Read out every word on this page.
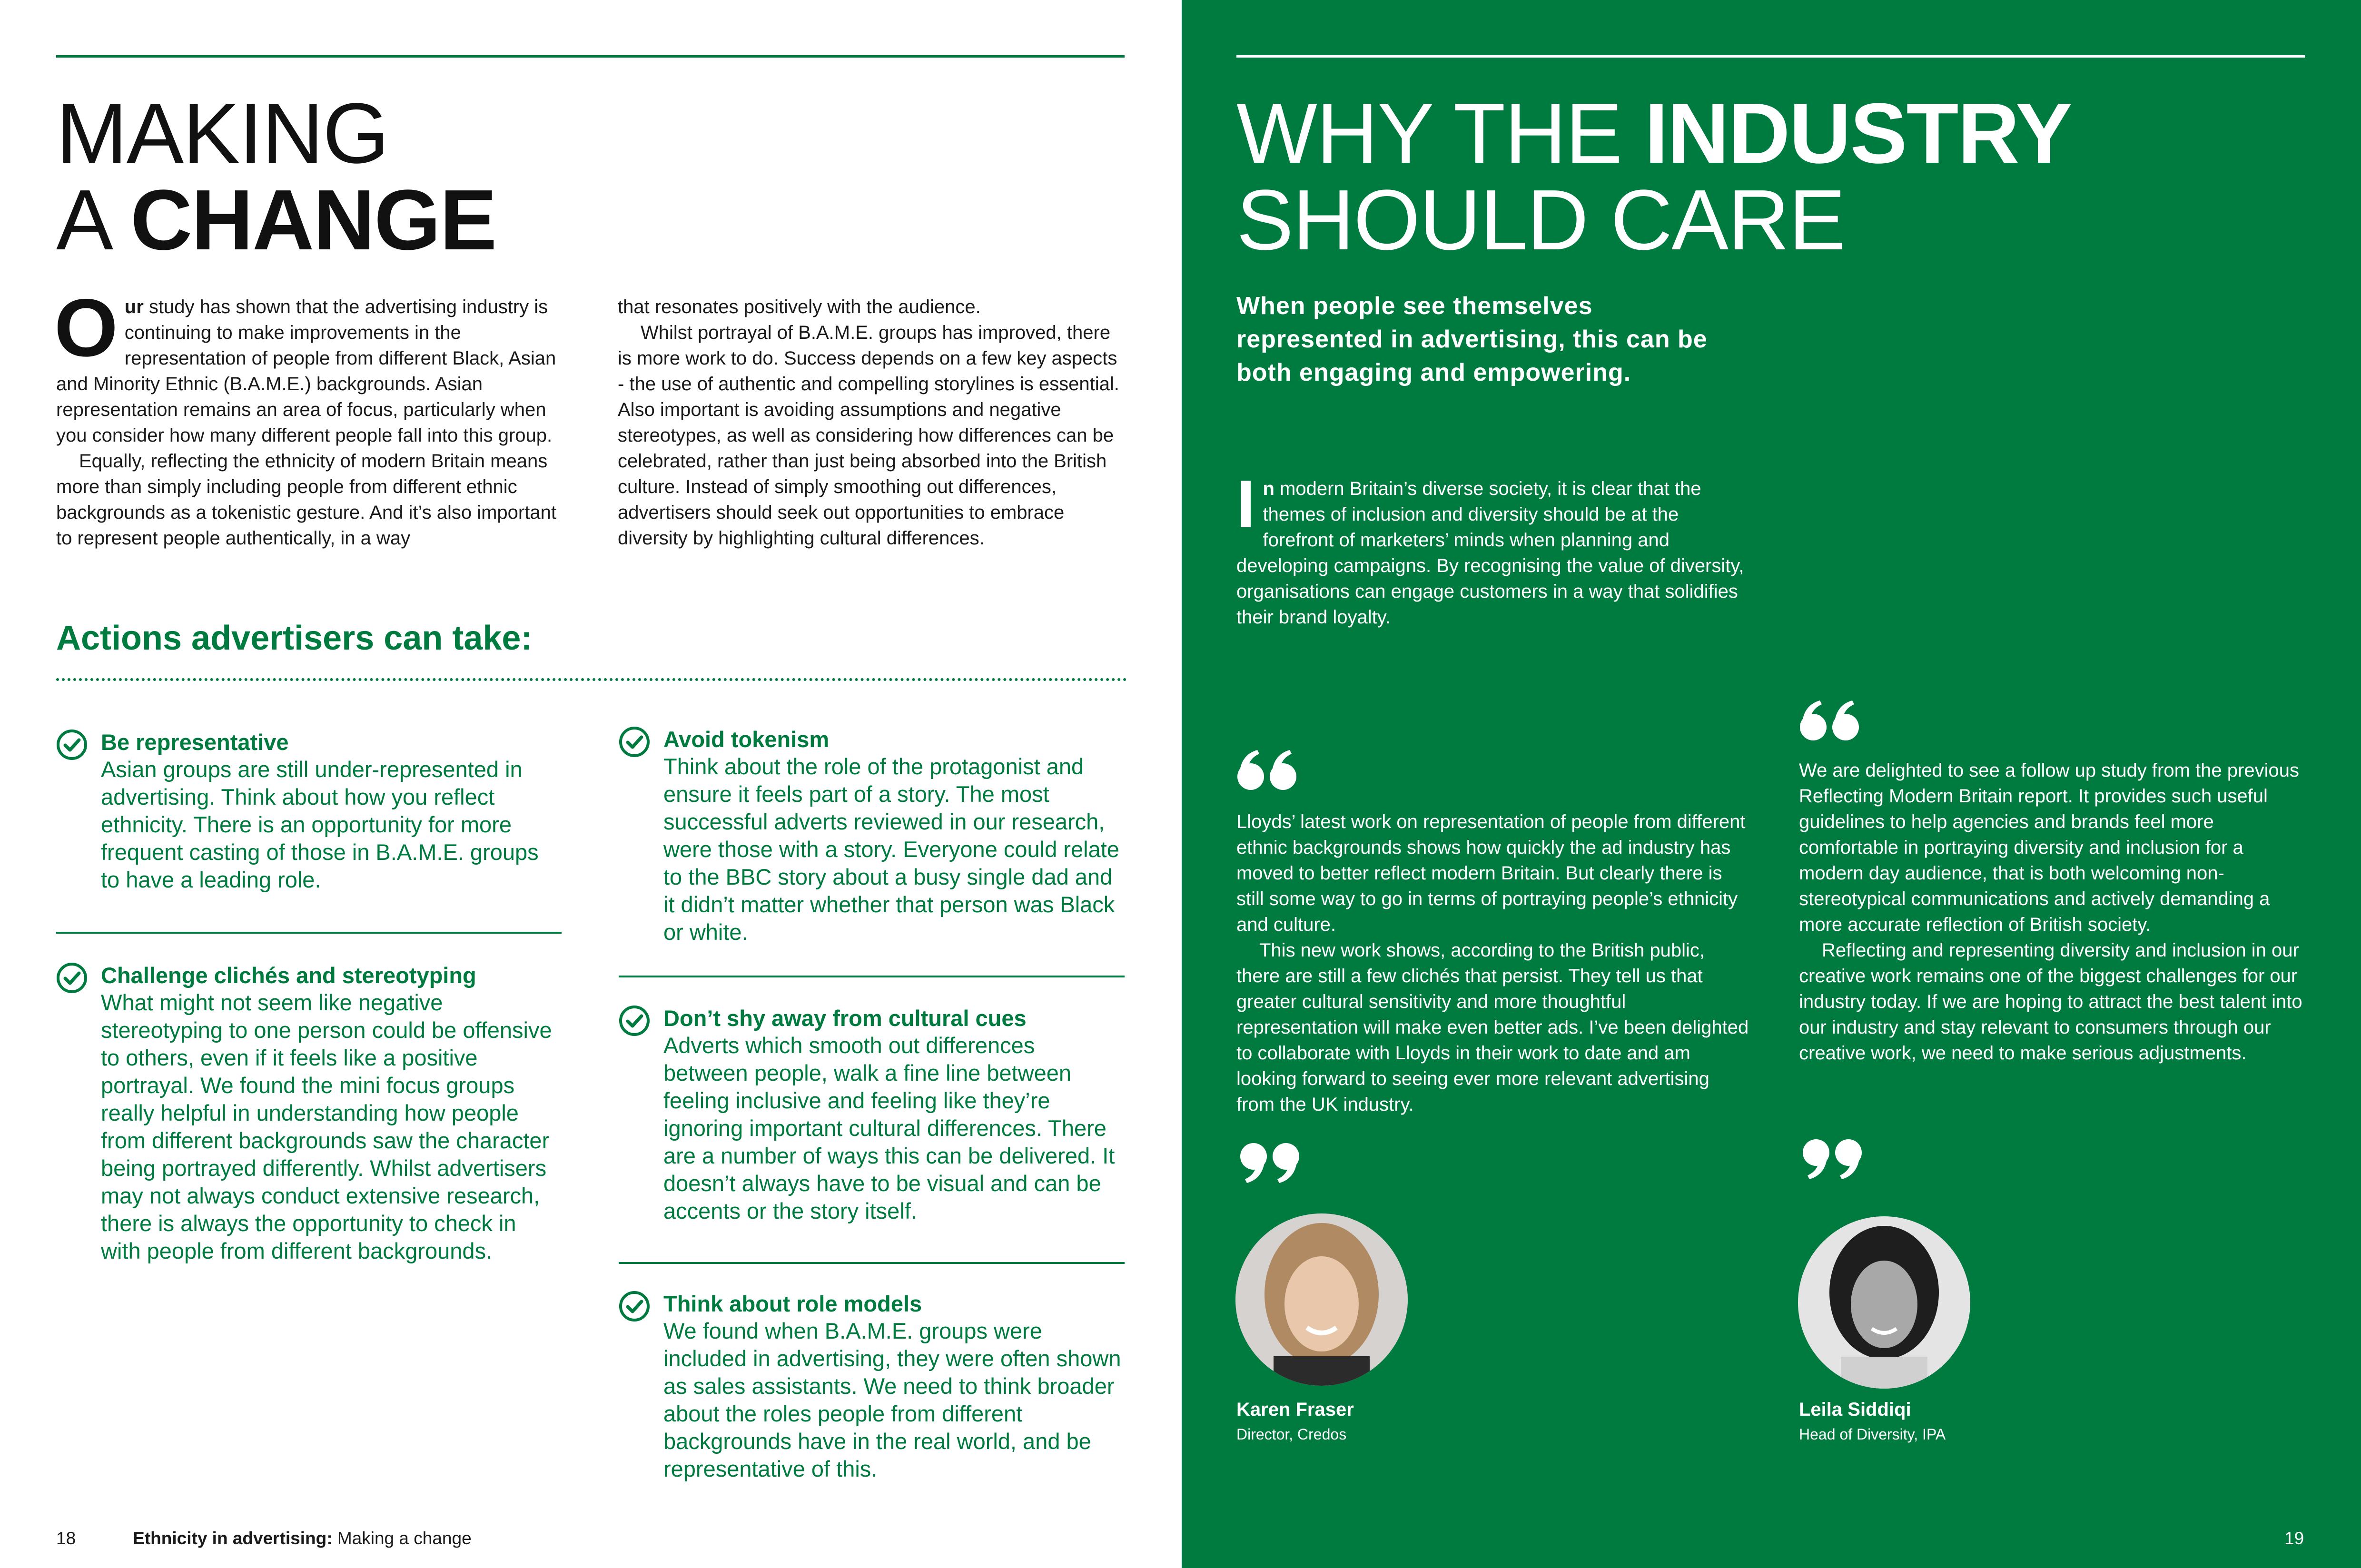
MAKING
A CHANGE

Our study has shown that the advertising industry is continuing to make improvements in the representation of people from different Black, Asian and Minority Ethnic (B.A.M.E.) backgrounds. Asian representation remains an area of focus, particularly when you consider how many different people fall into this group.

Equally, reflecting the ethnicity of modern Britain means more than simply including people from different ethnic backgrounds as a tokenistic gesture. And it’s also important to represent people authentically, in a way

that resonates positively with the audience.

Whilst portrayal of B.A.M.E. groups has improved, there is more work to do. Success depends on a few key aspects - the use of authentic and compelling storylines is essential. Also important is avoiding assumptions and negative stereotypes, as well as considering how differences can be celebrated, rather than just being absorbed into the British culture. Instead of simply smoothing out differences, advertisers should seek out opportunities to embrace diversity by highlighting cultural differences.

Actions advertisers can take:

Be representative

Asian groups are still under-represented in advertising. Think about how you reflect ethnicity. There is an opportunity for more frequent casting of those in B.A.M.E. groups to have a leading role.

Challenge clichés and stereotyping

What might not seem like negative stereotyping to one person could be offensive to others, even if it feels like a positive portrayal. We found the mini focus groups really helpful in understanding how people from different backgrounds saw the character being portrayed differently. Whilst advertisers may not always conduct extensive research, there is always the opportunity to check in with people from different backgrounds.

Avoid tokenism

Think about the role of the protagonist and ensure it feels part of a story. The most successful adverts reviewed in our research, were those with a story. Everyone could relate to the BBC story about a busy single dad and it didn’t matter whether that person was Black or white.

Don’t shy away from cultural cues

Adverts which smooth out differences between people, walk a fine line between feeling inclusive and feeling like they’re ignoring important cultural differences. There are a number of ways this can be delivered. It doesn’t always have to be visual and can be accents or the story itself.

Think about role models

We found when B.A.M.E. groups were included in advertising, they were often shown as sales assistants. We need to think broader about the roles people from different backgrounds have in the real world, and be representative of this.

18	Ethnicity in advertising: Making a change
WHY THE INDUSTRY
SHOULD CARE

When people see themselves represented in advertising, this can be both engaging and empowering.

In modern Britain’s diverse society, it is clear that the themes of inclusion and diversity should be at the forefront of marketers’ minds when planning and developing campaigns. By recognising the value of diversity, organisations can engage customers in a way that solidifies their brand loyalty.

Lloyds’ latest work on representation of people from different ethnic backgrounds shows how quickly the ad industry has moved to better reflect modern Britain. But clearly there is still some way to go in terms of portraying people’s ethnicity and culture.

This new work shows, according to the British public, there are still a few clichés that persist. They tell us that greater cultural sensitivity and more thoughtful representation will make even better ads. I’ve been delighted to collaborate with Lloyds in their work to date and am looking forward to seeing ever more relevant advertising from the UK industry.

We are delighted to see a follow up study from the previous Reflecting Modern Britain report. It provides such useful guidelines to help agencies and brands feel more comfortable in portraying diversity and inclusion for a modern day audience, that is both welcoming non-stereotypical communications and actively demanding a more accurate reflection of British society.

Reflecting and representing diversity and inclusion in our creative work remains one of the biggest challenges for our industry today. If we are hoping to attract the best talent into our industry and stay relevant to consumers through our creative work, we need to make serious adjustments.

Karen Fraser

Director, Credos

Leila Siddiqi

Head of Diversity, IPA

19
